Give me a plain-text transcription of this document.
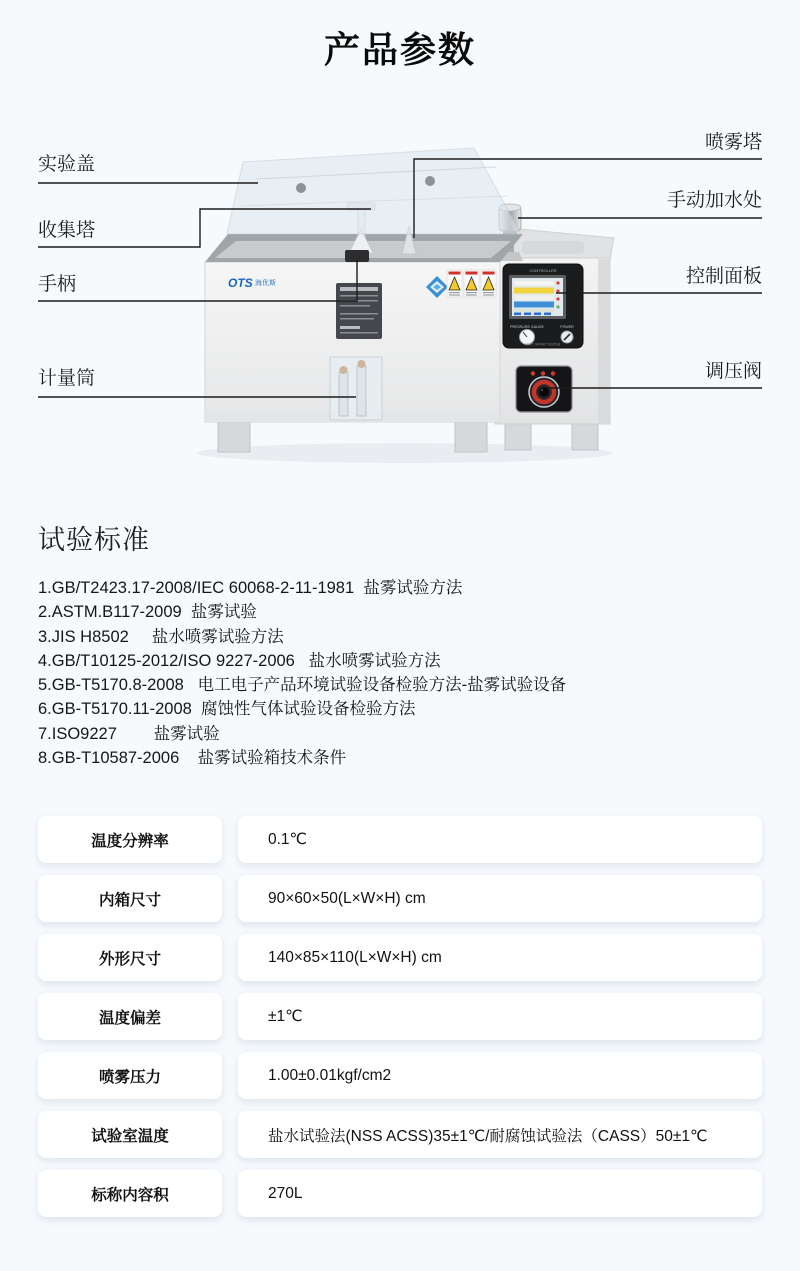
产品参数
OTS 海优斯
CONTROLLER
PRESSURE GAUGE	POWER
SALT SPRAY TESTER
实验盖
收集塔
手柄
计量筒
喷雾塔
手动加水处
控制面板
调压阀
试验标准
1.GB/T2423.17-2008/IEC 60068-2-11-1981  盐雾试验方法
2.ASTM.B117-2009  盐雾试验
3.JIS H8502     盐水喷雾试验方法
4.GB/T10125-2012/ISO 9227-2006   盐水喷雾试验方法
5.GB-T5170.8-2008   电工电子产品环境试验设备检验方法-盐雾试验设备
6.GB-T5170.11-2008  腐蚀性气体试验设备检验方法
7.ISO9227        盐雾试验
8.GB-T10587-2006    盐雾试验箱技术条件
温度分辨率	0.1℃
内箱尺寸	90×60×50(L×W×H) cm
外形尺寸	140×85×110(L×W×H) cm
温度偏差	±1℃
喷雾压力	1.00±0.01kgf/cm2
试验室温度	盐水试验法(NSS ACSS)35±1℃/耐腐蚀试验法（CASS）50±1℃
标称内容积	270L
